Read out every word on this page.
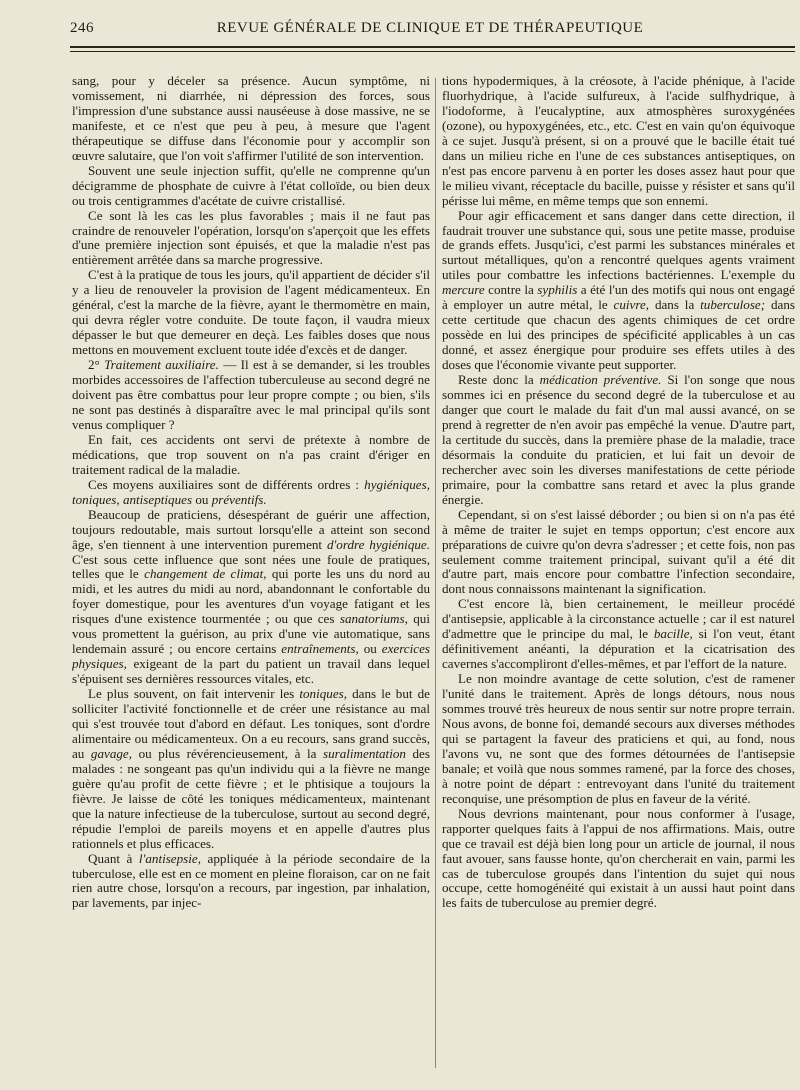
246	REVUE GÉNÉRALE DE CLINIQUE ET DE THÉRAPEUTIQUE

sang, pour y déceler sa présence. Aucun symptôme, ni vomissement, ni diarrhée, ni dépression des forces, sous l'impression d'une substance aussi nauséeuse à dose massive, ne se manifeste, et ce n'est que peu à peu, à mesure que l'agent thérapeutique se diffuse dans l'économie pour y accomplir son œuvre salutaire, que l'on voit s'affirmer l'utilité de son intervention.

Souvent une seule injection suffit, qu'elle ne comprenne qu'un décigramme de phosphate de cuivre à l'état colloïde, ou bien deux ou trois centigrammes d'acétate de cuivre cristallisé.

Ce sont là les cas les plus favorables ; mais il ne faut pas craindre de renouveler l'opération, lorsqu'on s'aperçoit que les effets d'une première injection sont épuisés, et que la maladie n'est pas entièrement arrêtée dans sa marche progressive.

C'est à la pratique de tous les jours, qu'il appartient de décider s'il y a lieu de renouveler la provision de l'agent médicamenteux. En général, c'est la marche de la fièvre, ayant le thermomètre en main, qui devra régler votre conduite. De toute façon, il vaudra mieux dépasser le but que demeurer en deçà. Les faibles doses que nous mettons en mouvement excluent toute idée d'excès et de danger.

2° Traitement auxiliaire. — Il est à se demander, si les troubles morbides accessoires de l'affection tuberculeuse au second degré ne doivent pas être combattus pour leur propre compte ; ou bien, s'ils ne sont pas destinés à disparaître avec le mal principal qu'ils sont venus compliquer ?

En fait, ces accidents ont servi de prétexte à nombre de médications, que trop souvent on n'a pas craint d'ériger en traitement radical de la maladie.

Ces moyens auxiliaires sont de différents ordres : hygiéniques, toniques, antiseptiques ou préventifs.

Beaucoup de praticiens, désespérant de guérir une affection, toujours redoutable, mais surtout lorsqu'elle a atteint son second âge, s'en tiennent à une intervention purement d'ordre hygiénique. C'est sous cette influence que sont nées une foule de pratiques, telles que le changement de climat, qui porte les uns du nord au midi, et les autres du midi au nord, abandonnant le confortable du foyer domestique, pour les aventures d'un voyage fatigant et les risques d'une existence tourmentée ; ou que ces sanatoriums, qui vous promettent la guérison, au prix d'une vie automatique, sans lendemain assuré ; ou encore certains entraînements, ou exercices physiques, exigeant de la part du patient un travail dans lequel s'épuisent ses dernières ressources vitales, etc.

Le plus souvent, on fait intervenir les toniques, dans le but de solliciter l'activité fonctionnelle et de créer une résistance au mal qui s'est trouvée tout d'abord en défaut. Les toniques, sont d'ordre alimentaire ou médicamenteux. On a eu recours, sans grand succès, au gavage, ou plus révérencieusement, à la suralimentation des malades : ne songeant pas qu'un individu qui a la fièvre ne mange guère qu'au profit de cette fièvre ; et le phtisique a toujours la fièvre. Je laisse de côté les toniques médicamenteux, maintenant que la nature infectieuse de la tuberculose, surtout au second degré, répudie l'emploi de pareils moyens et en appelle d'autres plus rationnels et plus efficaces.

Quant à l'antisepsie, appliquée à la période secondaire de la tuberculose, elle est en ce moment en pleine floraison, car on ne fait rien autre chose, lorsqu'on a recours, par ingestion, par inhalation, par lavements, par injec-

tions hypodermiques, à la créosote, à l'acide phénique, à l'acide fluorhydrique, à l'acide sulfureux, à l'acide sulfhydrique, à l'iodoforme, à l'eucalyptine, aux atmosphères suroxygénées (ozone), ou hypoxygénées, etc., etc. C'est en vain qu'on équivoque à ce sujet. Jusqu'à présent, si on a prouvé que le bacille était tué dans un milieu riche en l'une de ces substances antiseptiques, on n'est pas encore parvenu à en porter les doses assez haut pour que le milieu vivant, réceptacle du bacille, puisse y résister et sans qu'il périsse lui même, en même temps que son ennemi.

Pour agir efficacement et sans danger dans cette direction, il faudrait trouver une substance qui, sous une petite masse, produise de grands effets. Jusqu'ici, c'est parmi les substances minérales et surtout métalliques, qu'on a rencontré quelques agents vraiment utiles pour combattre les infections bactériennes. L'exemple du mercure contre la syphilis a été l'un des motifs qui nous ont engagé à employer un autre métal, le cuivre, dans la tuberculose; dans cette certitude que chacun des agents chimiques de cet ordre possède en lui des principes de spécificité applicables à un cas donné, et assez énergique pour produire ses effets utiles à des doses que l'économie vivante peut supporter.

Reste donc la médication préventive. Si l'on songe que nous sommes ici en présence du second degré de la tuberculose et au danger que court le malade du fait d'un mal aussi avancé, on se prend à regretter de n'en avoir pas empêché la venue. D'autre part, la certitude du succès, dans la première phase de la maladie, trace désormais la conduite du praticien, et lui fait un devoir de rechercher avec soin les diverses manifestations de cette période primaire, pour la combattre sans retard et avec la plus grande énergie.

Cependant, si on s'est laissé déborder ; ou bien si on n'a pas été à même de traiter le sujet en temps opportun; c'est encore aux préparations de cuivre qu'on devra s'adresser ; et cette fois, non pas seulement comme traitement principal, suivant qu'il a été dit d'autre part, mais encore pour combattre l'infection secondaire, dont nous connaissons maintenant la signification.

C'est encore là, bien certainement, le meilleur procédé d'antisepsie, applicable à la circonstance actuelle ; car il est naturel d'admettre que le principe du mal, le bacille, si l'on veut, étant définitivement anéanti, la dépuration et la cicatrisation des cavernes s'accompliront d'elles-mêmes, et par l'effort de la nature.

Le non moindre avantage de cette solution, c'est de ramener l'unité dans le traitement. Après de longs détours, nous nous sommes trouvé très heureux de nous sentir sur notre propre terrain. Nous avons, de bonne foi, demandé secours aux diverses méthodes qui se partagent la faveur des praticiens et qui, au fond, nous l'avons vu, ne sont que des formes détournées de l'antisepsie banale; et voilà que nous sommes ramené, par la force des choses, à notre point de départ : entrevoyant dans l'unité du traitement reconquise, une présomption de plus en faveur de la vérité.

Nous devrions maintenant, pour nous conformer à l'usage, rapporter quelques faits à l'appui de nos affirmations. Mais, outre que ce travail est déjà bien long pour un article de journal, il nous faut avouer, sans fausse honte, qu'on chercherait en vain, parmi les cas de tuberculose groupés dans l'intention du sujet qui nous occupe, cette homogénéité qui existait à un aussi haut point dans les faits de tuberculose au premier degré.
